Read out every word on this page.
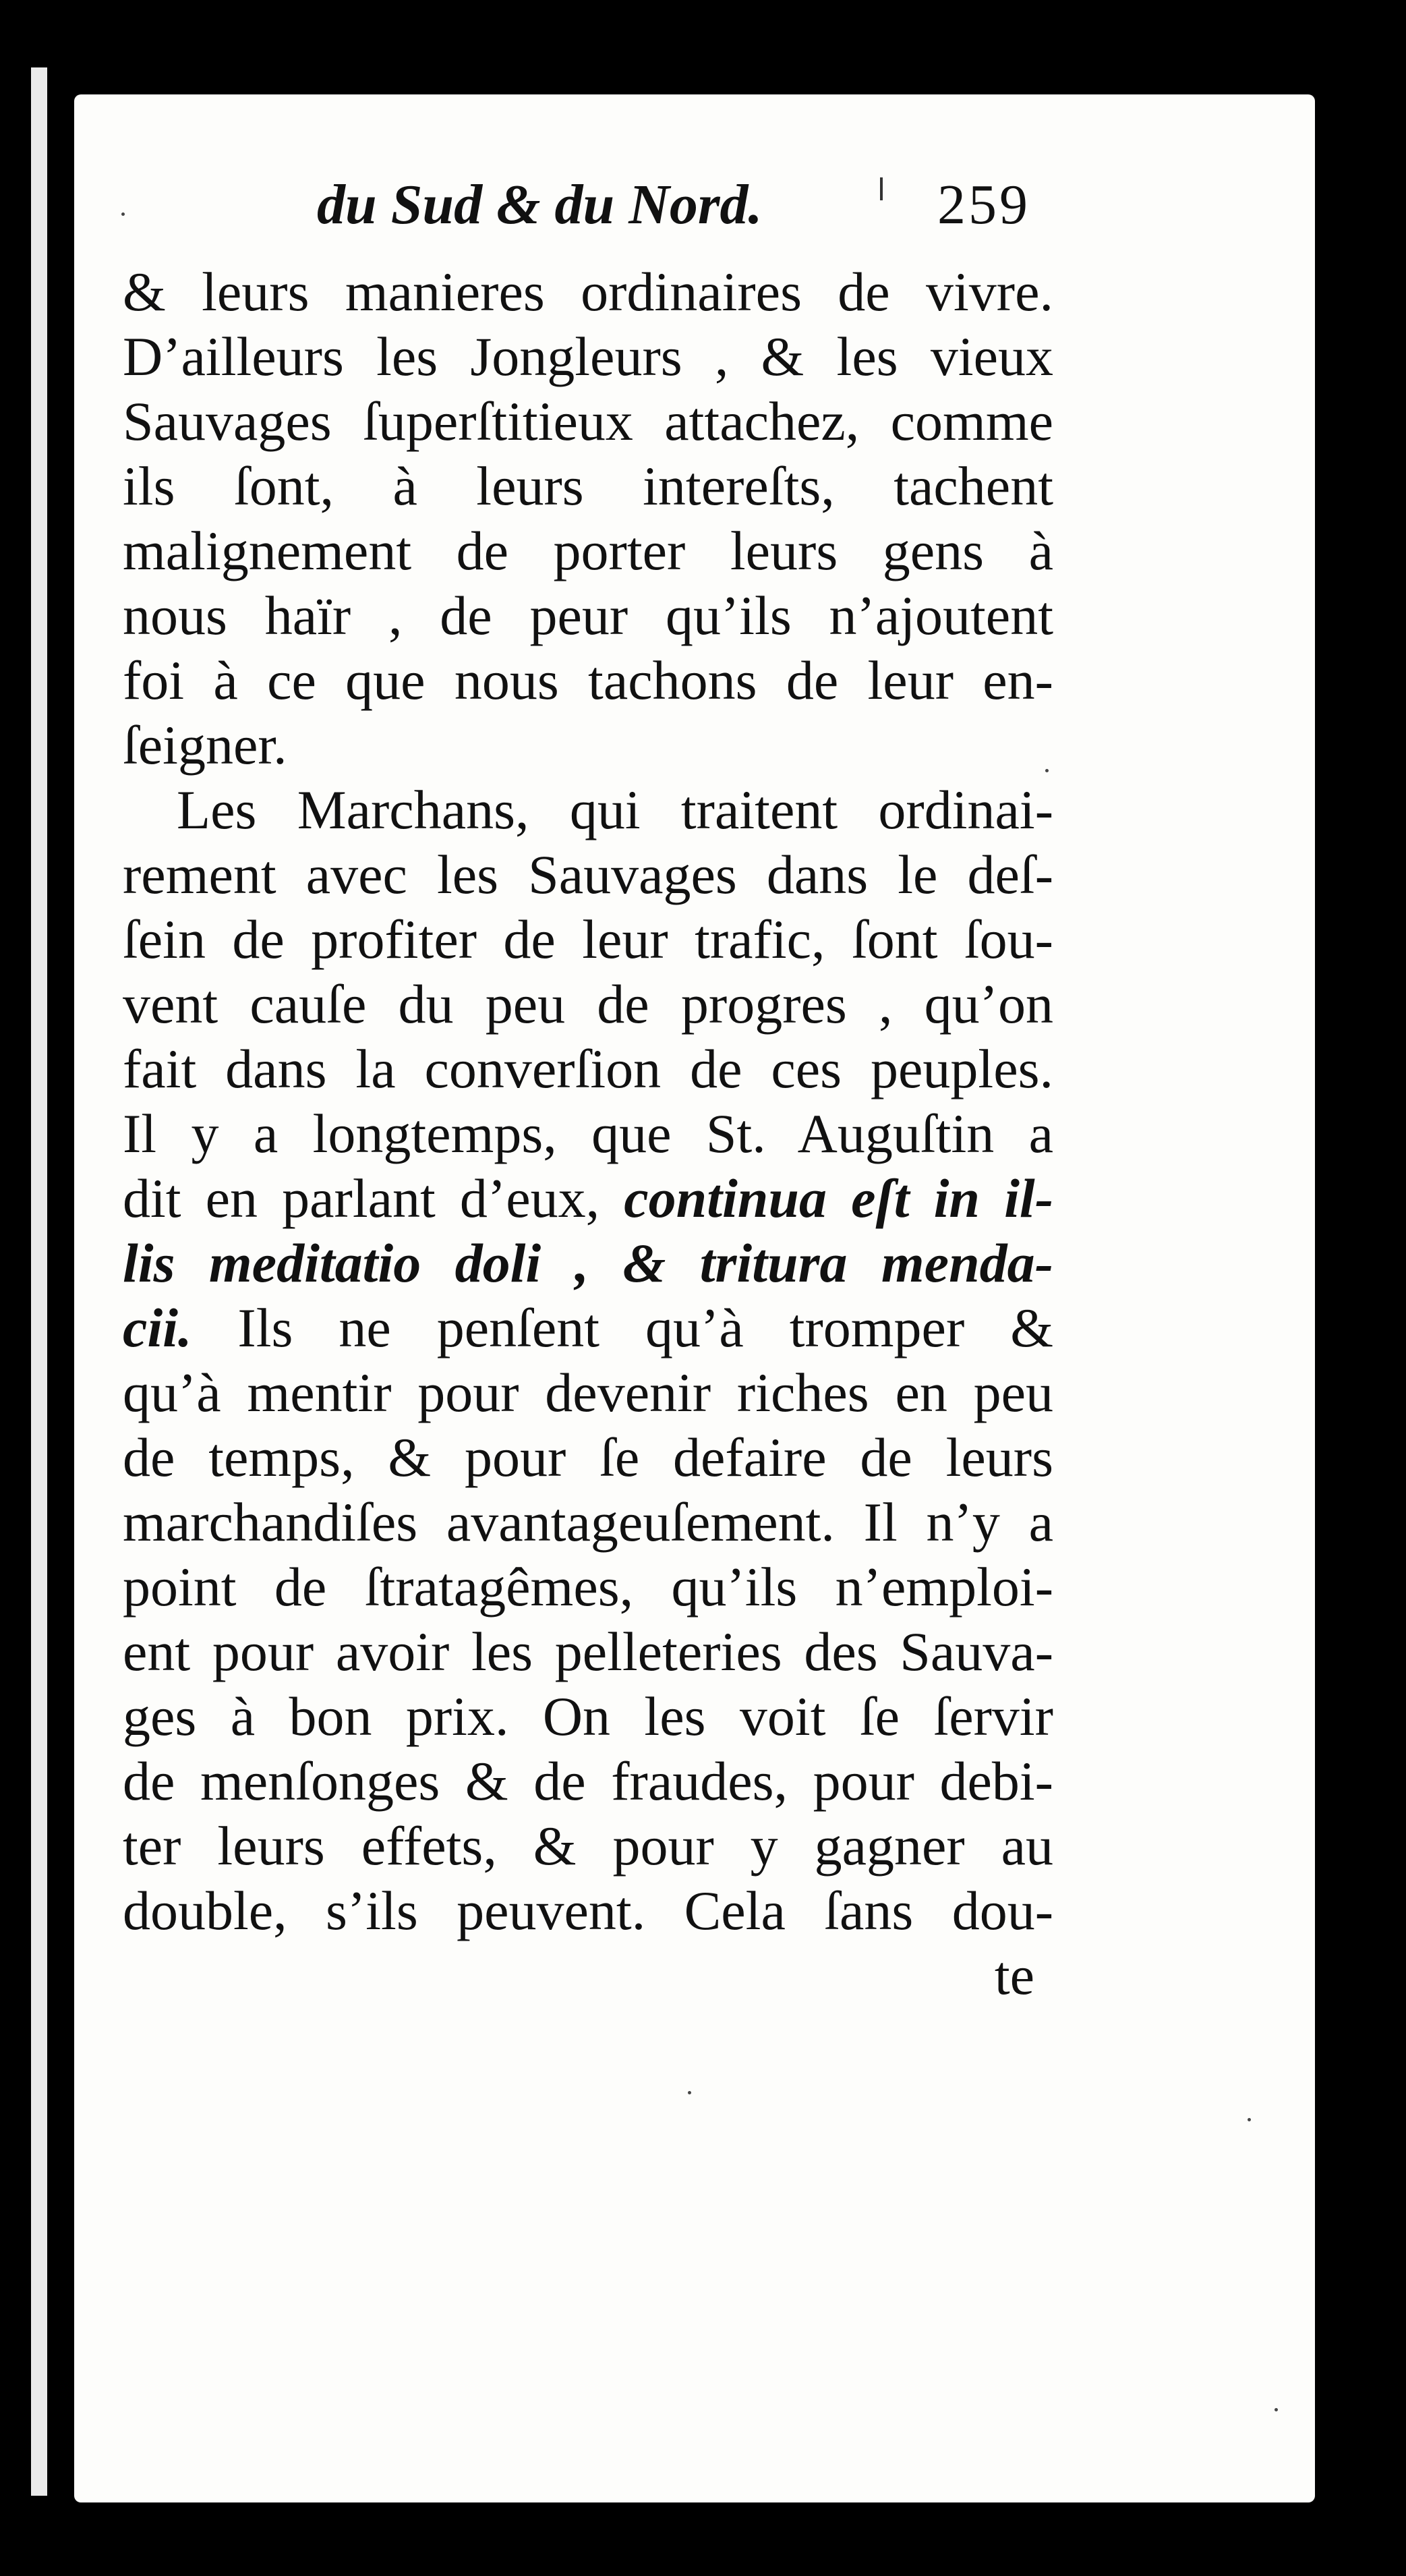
du Sud & du Nord.	259
& leurs manieres ordinaires de vivre.
D’ailleurs les Jongleurs , & les vieux
Sauvages ſuperſtitieux attachez, comme
ils ſont, à leurs intereſts, tachent
malignement de porter leurs gens à
nous haïr , de peur qu’ils n’ajoutent
foi à ce que nous tachons de leur en-
ſeigner.
Les Marchans, qui traitent ordinai-
rement avec les Sauvages dans le deſ-
ſein de profiter de leur trafic, ſont ſou-
vent cauſe du peu de progres , qu’on
fait dans la converſion de ces peuples.
Il y a longtemps, que St. Auguſtin a
dit en parlant d’eux, continua eſt in il-
lis meditatio doli , & tritura menda-
cii. Ils ne penſent qu’à tromper &
qu’à mentir pour devenir riches en peu
de temps, & pour ſe defaire de leurs
marchandiſes avantageuſement. Il n’y a
point de ſtratagêmes, qu’ils n’emploi-
ent pour avoir les pelleteries des Sauva-
ges à bon prix. On les voit ſe ſervir
de menſonges & de fraudes, pour debi-
ter leurs effets, & pour y gagner au
double, s’ils peuvent. Cela ſans dou-
te
